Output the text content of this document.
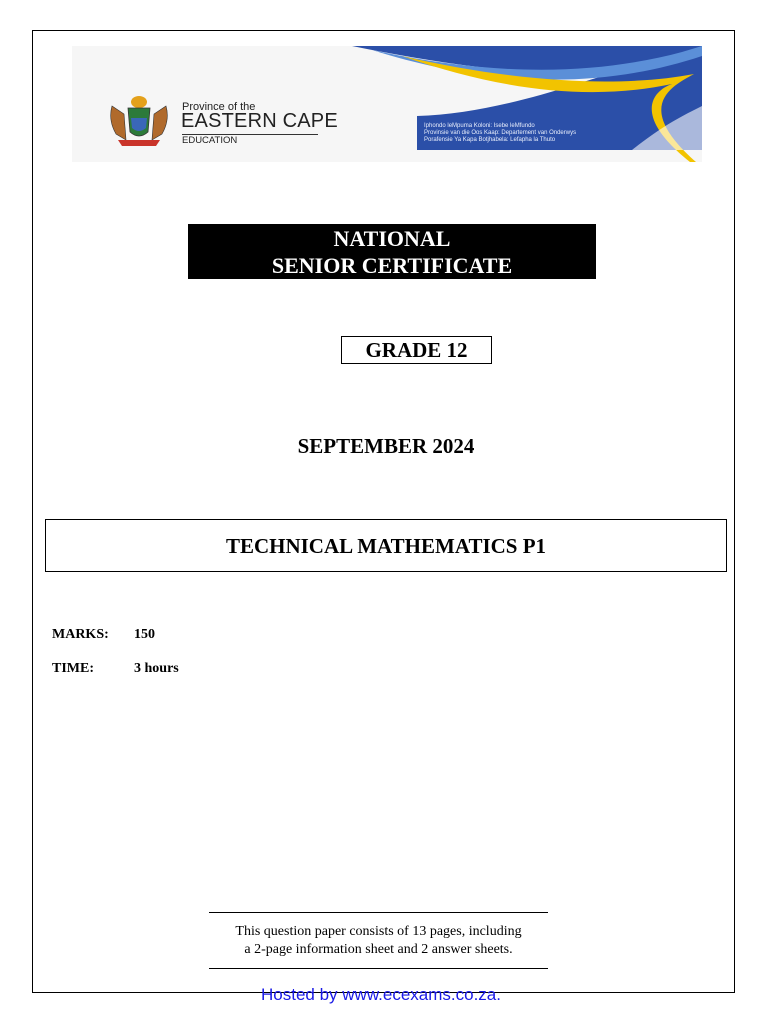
Province of the
EASTERN CAPE
EDUCATION
Iphondo leMpuma Koloni: Isebe leMfundo
Provinsie van die Oos Kaap: Departement van Onderwys
Porafensie Ya Kapa Botjhabela: Lefapha la Thuto
NATIONAL
SENIOR CERTIFICATE
GRADE 12
SEPTEMBER 2024
TECHNICAL MATHEMATICS P1
MARKS: 150
TIME:	3 hours
This question paper consists of 13 pages, including
a 2-page information sheet and 2 answer sheets.
Hosted by www.ecexams.co.za.
